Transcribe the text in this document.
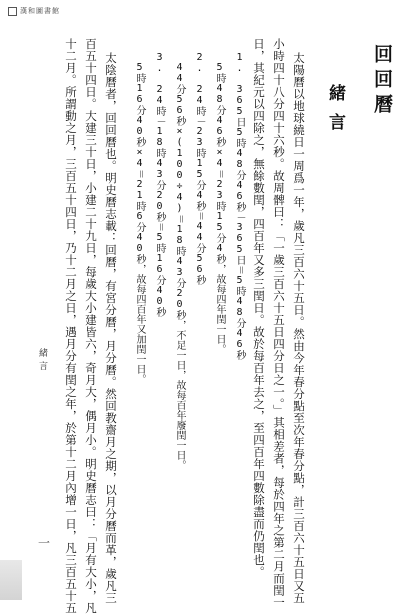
漢和圖書館
回回曆
緒言
太陽曆以地球繞日一周爲一年，歲凡三百六十五日。然由今年春分點至次年春分點，計三百六十五日又五
小時四十八分四十六秒。故周髀曰：「一歲三百六十五日四分日之一。」其相差者，每於四年之第二月而閏一
日，其紀元以四除之，無餘數閏，四百年又多三閏日。故於每百年去之，至四百年四數除盡而仍閏也。
1.　365日5時48分46秒－365日＝5時48分46秒
5時48分46秒×4＝23時15分4秒，故每四年閏一日。
2.　24時－23時15分4秒＝44分56秒
44分56秒×(100÷4)＝18時43分20秒，不足一日，故每百年廢閏一日。
3.　24時－18時43分20秒＝5時16分40秒
5時16分40秒×4＝21時6分40秒，故每四百年又加閏一日。
太陰曆者，回回曆也。明史曆志載：回曆，有宮分曆，月分曆。然回教齋月之期，以月分曆而革，歲凡三
百五十四日。大建三十日，小建二十九日，每歲大小建皆六，奇月大，偶月小。明史曆志曰：「月有大小，凡
十二月。所謂動之月，三百五十四日，乃十二月之日，遇月分有閏之年，於第十二月內增一日，凡三百五十五
緒言
一
